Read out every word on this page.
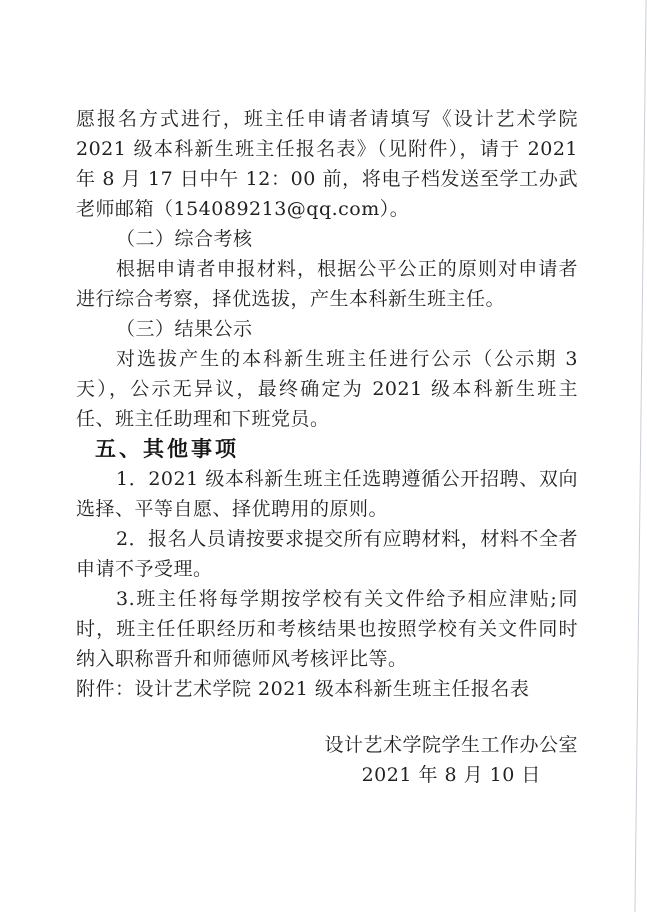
愿报名方式进行，班主任申请者请填写《设计艺术学院 2021 级本科新生班主任报名表》（见附件），请于 2021 年 8 月 17 日中午 12：00 前，将电子档发送至学工办武老师邮箱（154089213@qq.com）。

（二）综合考核

根据申请者申报材料，根据公平公正的原则对申请者进行综合考察，择优选拔，产生本科新生班主任。

（三）结果公示

对选拔产生的本科新生班主任进行公示（公示期 3 天），公示无异议，最终确定为 2021 级本科新生班主任、班主任助理和下班党员。

五、其他事项

1．2021 级本科新生班主任选聘遵循公开招聘、双向选择、平等自愿、择优聘用的原则。

2．报名人员请按要求提交所有应聘材料，材料不全者申请不予受理。

3.班主任将每学期按学校有关文件给予相应津贴;同时，班主任任职经历和考核结果也按照学校有关文件同时纳入职称晋升和师德师风考核评比等。

附件：设计艺术学院 2021 级本科新生班主任报名表

设计艺术学院学生工作办公室
2021 年 8 月 10 日
